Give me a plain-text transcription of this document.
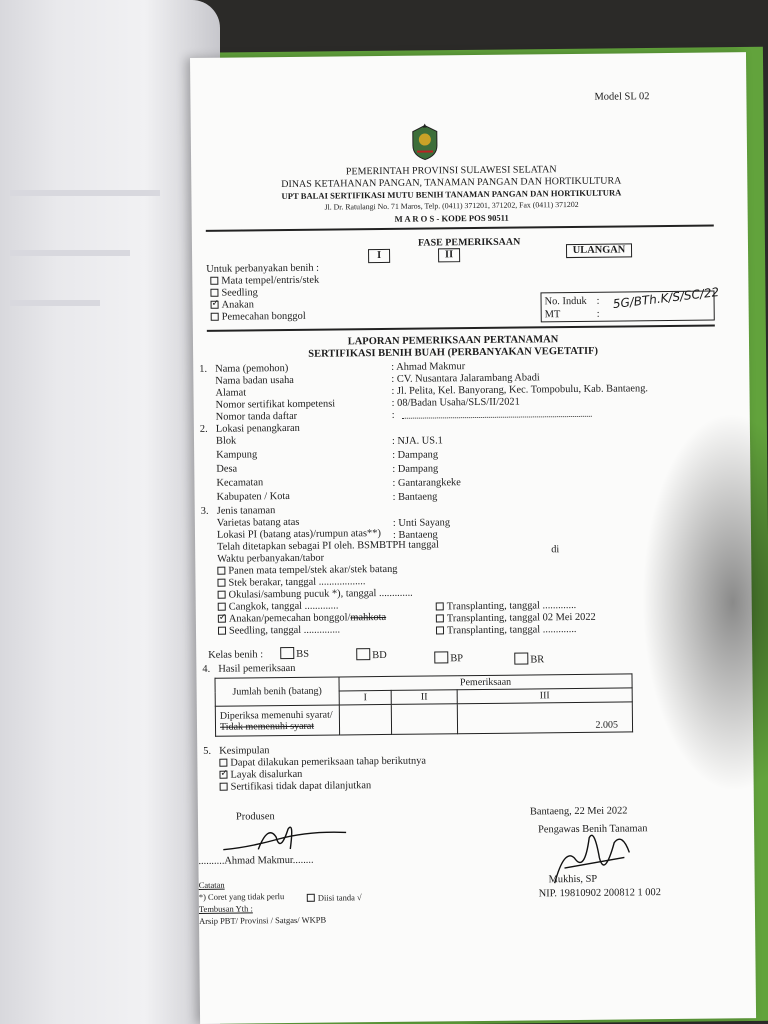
Model SL 02
PEMERINTAH PROVINSI SULAWESI SELATAN
DINAS KETAHANAN PANGAN, TANAMAN PANGAN DAN HORTIKULTURA
UPT BALAI SERTIFIKASI MUTU BENIH TANAMAN PANGAN DAN HORTIKULTURA
Jl. Dr. Ratulangi No. 71 Maros, Telp. (0411) 371201, 371202, Fax (0411) 371202
M A R O S - KODE POS 90511
FASE PEMERIKSAAN
I	II	ULANGAN
Untuk perbanyakan benih :
Mata tempel/entris/stek
Seedling
✓Anakan
Pemecahan bonggol
No. Induk :
MT	:
5G/BTh.K/S/SC/22
LAPORAN PEMERIKSAAN PERTANAMAN
SERTIFIKASI BENIH BUAH (PERBANYAKAN VEGETATIF)
1. Nama (pemohon)	: Ahmad Makmur
Nama badan usaha	: CV. Nusantara Jalarambang Abadi
Alamat	: Jl. Pelita, Kel. Banyorang, Kec. Tompobulu, Kab. Bantaeng.
Nomor sertifikat kompetensi	: 08/Badan Usaha/SLS/II/2021
Nomor tanda daftar	:
2. Lokasi penangkaran
Blok	: NJA. US.1
Kampung	: Dampang
Desa	: Dampang
Kecamatan	: Gantarangkeke
Kabupaten / Kota	: Bantaeng
3. Jenis tanaman
Varietas batang atas	: Unti Sayang
Lokasi PI (batang atas)/rumpun atas**) : Bantaeng
Telah ditetapkan sebagai PI oleh. BSMBTPH tanggal	di
Waktu perbanyakan/tabor
Panen mata tempel/stek akar/stek batang
Stek berakar, tanggal ..................
Okulasi/sambung pucuk *), tanggal .............
Cangkok, tanggal .............
✓Anakan/pemecahan bonggol/mahkota
Seedling, tanggal ..............
Transplanting, tanggal .............
Transplanting, tanggal 02 Mei 2022
Transplanting, tanggal .............
Kelas benih :	BS	BD	BP	BR
4. Hasil pemeriksaan
Jumlah benih (batang)	Pemeriksaan		
	I	II	III
Diperiksa memenuhi syarat/
Tidak memenuhi syarat			2.005
5. Kesimpulan
Dapat dilakukan pemeriksaan tahap berikutnya
✓Layak disalurkan
Sertifikasi tidak dapat dilanjutkan
Produsen
..........Ahmad Makmur........
Bantaeng, 22 Mei 2022
Pengawas Benih Tanaman
Mukhis, SP
NIP. 19810902 200812 1 002
Catatan
*) Coret yang tidak perlu	Diisi tanda √
Tembusan Yth :
Arsip PBT/ Provinsi / Satgas/ WKPB
